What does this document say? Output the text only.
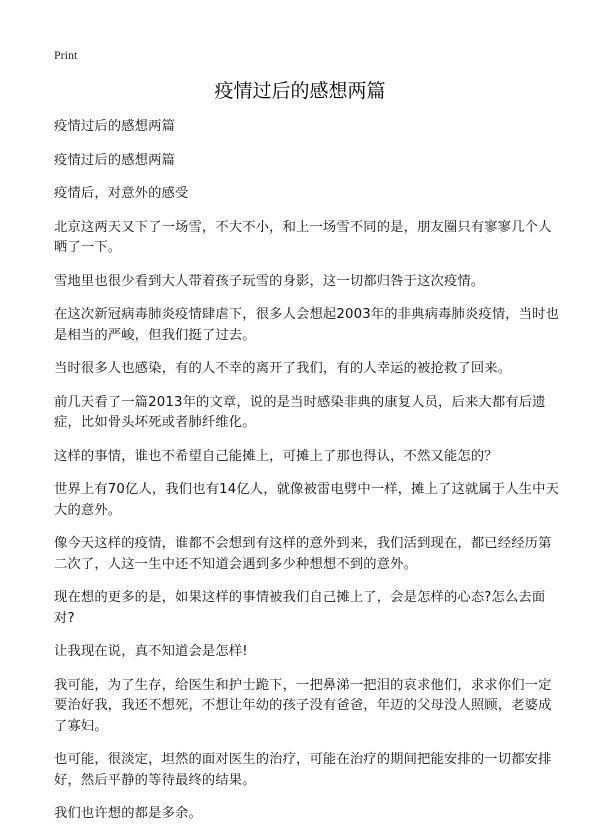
Print
疫情过后的感想两篇

疫情过后的感想两篇

疫情过后的感想两篇

疫情后，对意外的感受

北京这两天又下了一场雪，不大不小，和上一场雪不同的是，朋友圈只有寥寥几个人晒了一下。

雪地里也很少看到大人带着孩子玩雪的身影，这一切都归咎于这次疫情。

在这次新冠病毒肺炎疫情肆虐下，很多人会想起2003年的非典病毒肺炎疫情，当时也是相当的严峻，但我们挺了过去。

当时很多人也感染，有的人不幸的离开了我们，有的人幸运的被抢救了回来。

前几天看了一篇2013年的文章，说的是当时感染非典的康复人员，后来大都有后遗症，比如骨头坏死或者肺纤维化。

这样的事情，谁也不希望自己能摊上，可摊上了那也得认，不然又能怎的？

世界上有70亿人，我们也有14亿人，就像被雷电劈中一样，摊上了这就属于人生中天大的意外。

像今天这样的疫情，谁都不会想到有这样的意外到来，我们活到现在，都已经经历第二次了，人这一生中还不知道会遇到多少种想想不到的意外。

现在想的更多的是，如果这样的事情被我们自己摊上了，会是怎样的心态?怎么去面对?

让我现在说，真不知道会是怎样!

我可能，为了生存，给医生和护士跪下，一把鼻涕一把泪的哀求他们，求求你们一定要治好我，我还不想死，不想让年幼的孩子没有爸爸，年迈的父母没人照顾，老婆成了寡妇。

也可能，很淡定，坦然的面对医生的治疗，可能在治疗的期间把能安排的一切都安排好，然后平静的等待最终的结果。

我们也许想的都是多余。
